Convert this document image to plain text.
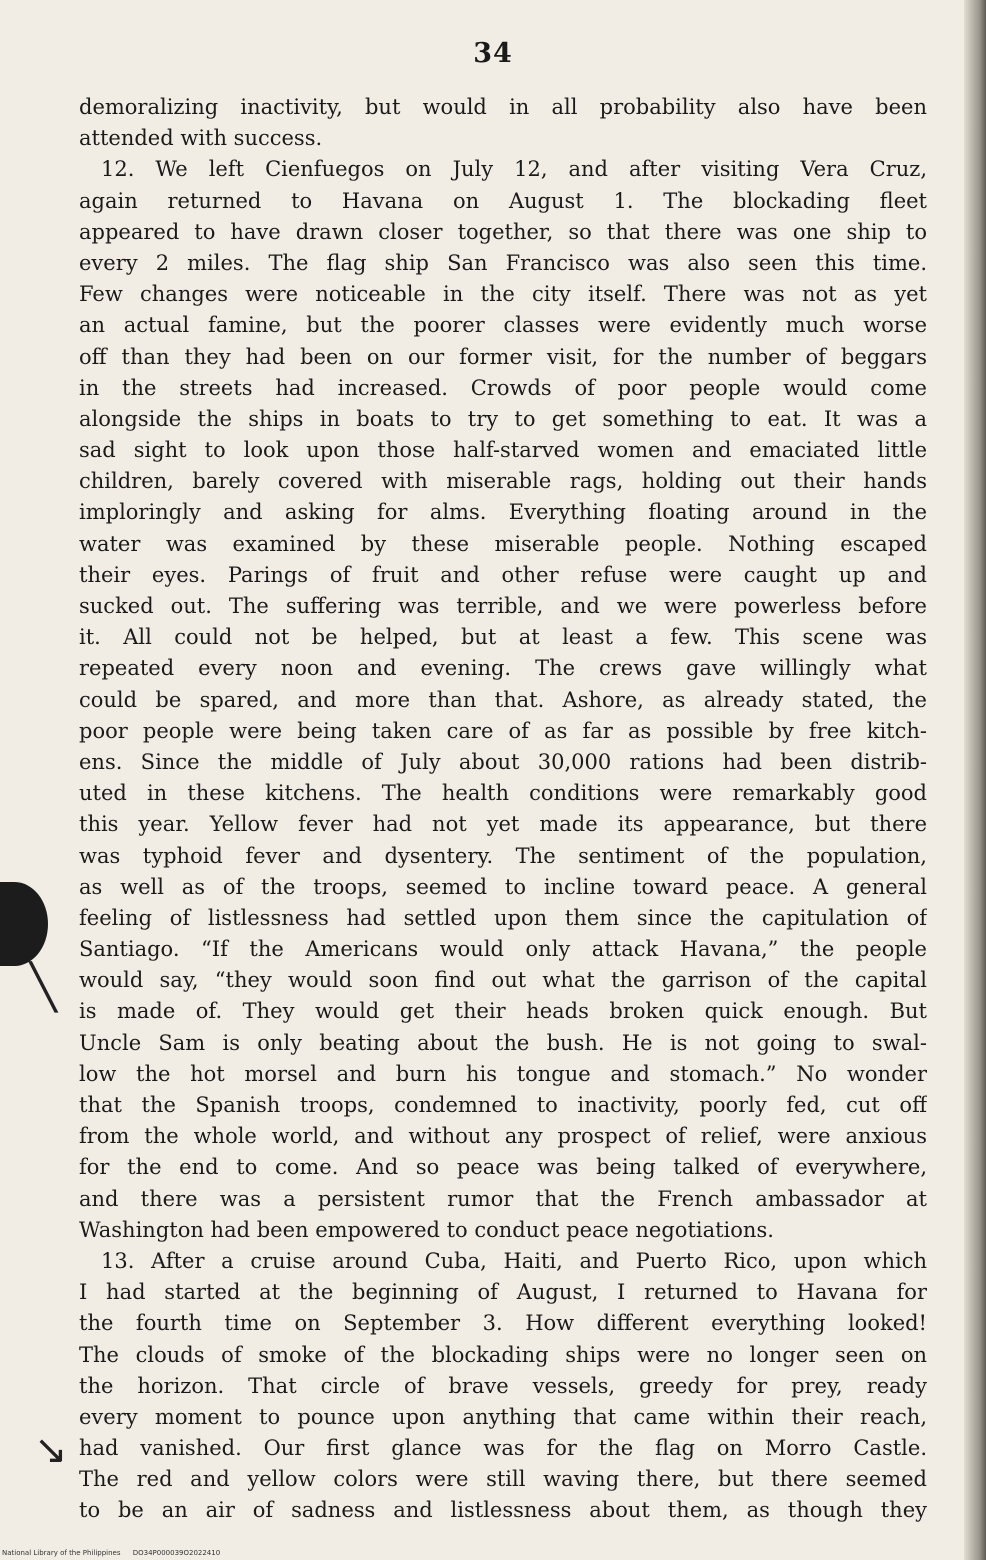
╲
↘
34
demoralizing inactivity, but would in all probability also have been
attended with success.
12. We left Cienfuegos on July 12, and after visiting Vera Cruz,
again returned to Havana on August 1. The blockading fleet
appeared to have drawn closer together, so that there was one ship to
every 2 miles. The flag ship San Francisco was also seen this time.
Few changes were noticeable in the city itself. There was not as yet
an actual famine, but the poorer classes were evidently much worse
off than they had been on our former visit, for the number of beggars
in the streets had increased. Crowds of poor people would come
alongside the ships in boats to try to get something to eat. It was a
sad sight to look upon those half-starved women and emaciated little
children, barely covered with miserable rags, holding out their hands
imploringly and asking for alms. Everything floating around in the
water was examined by these miserable people. Nothing escaped
their eyes. Parings of fruit and other refuse were caught up and
sucked out. The suffering was terrible, and we were powerless before
it. All could not be helped, but at least a few. This scene was
repeated every noon and evening. The crews gave willingly what
could be spared, and more than that. Ashore, as already stated, the
poor people were being taken care of as far as possible by free kitch-
ens. Since the middle of July about 30,000 rations had been distrib-
uted in these kitchens. The health conditions were remarkably good
this year. Yellow fever had not yet made its appearance, but there
was typhoid fever and dysentery. The sentiment of the population,
as well as of the troops, seemed to incline toward peace. A general
feeling of listlessness had settled upon them since the capitulation of
Santiago. “If the Americans would only attack Havana,” the people
would say, “they would soon find out what the garrison of the capital
is made of. They would get their heads broken quick enough. But
Uncle Sam is only beating about the bush. He is not going to swal-
low the hot morsel and burn his tongue and stomach.” No wonder
that the Spanish troops, condemned to inactivity, poorly fed, cut off
from the whole world, and without any prospect of relief, were anxious
for the end to come. And so peace was being talked of everywhere,
and there was a persistent rumor that the French ambassador at
Washington had been empowered to conduct peace negotiations.
13. After a cruise around Cuba, Haiti, and Puerto Rico, upon which
I had started at the beginning of August, I returned to Havana for
the fourth time on September 3. How different everything looked!
The clouds of smoke of the blockading ships were no longer seen on
the horizon. That circle of brave vessels, greedy for prey, ready
every moment to pounce upon anything that came within their reach,
had vanished. Our first glance was for the flag on Morro Castle.
The red and yellow colors were still waving there, but there seemed
to be an air of sadness and listlessness about them, as though they
National Library of the Philippines DO34P000039O2022410
